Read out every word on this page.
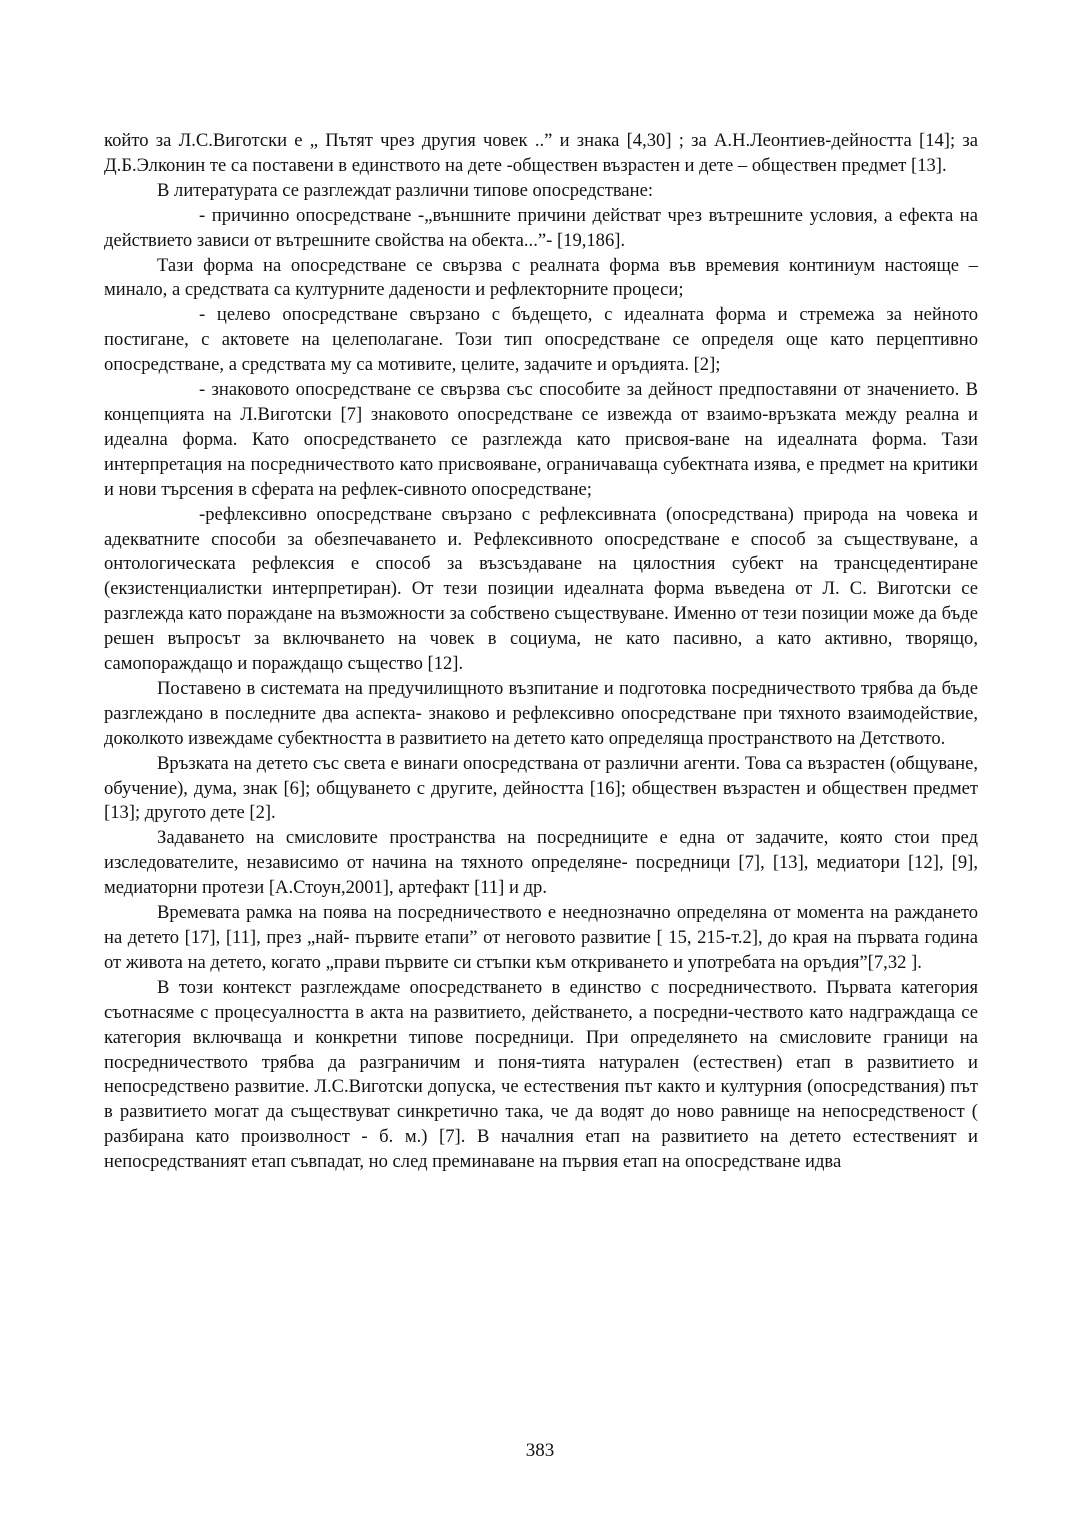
който за Л.С.Виготски е „ Пътят чрез другия човек ..” и знака [4,30] ; за А.Н.Леонтиев-дейността [14]; за Д.Б.Элконин те са поставени в единството на дете -обществен възрастен и дете – обществен предмет [13].

В литературата се разглеждат различни типове опосредстване:

- причинно опосредстване -„външните причини действат чрез вътрешните условия, а ефекта на действието зависи от вътрешните свойства на обекта...”- [19,186].

Тази форма на опосредстване се свързва с реалната форма във времевия континиум настояще – минало, а средствата са културните дадености и рефлекторните процеси;

- целево опосредстване свързано с бъдещето, с идеалната форма и стремежа за нейното постигане, с актовете на целеполагане. Този тип опосредстване се определя още като перцептивно опосредстване, а средствата му са мотивите, целите, задачите и оръдията. [2];

- знаковото опосредстване се свързва със способите за дейност предпоставяни от значението. В концепцията на Л.Виготски [7] знаковото опосредстване се извежда от взаимо-връзката между реална и идеална форма. Като опосредстването се разглежда като присвоя-ване на идеалната форма. Тази интерпретация на посредничеството като присвояване, ограничаваща субектната изява, е предмет на критики и нови търсения в сферата на рефлек-сивното опосредстване;

-рефлексивно опосредстване свързано с рефлексивната (опосредствана) природа на човека и адекватните способи за обезпечаването и. Рефлексивното опосредстване е способ за съществуване, а онтологическата рефлексия е способ за възсъздаване на цялостния субект на трансцедентиране (екзистенциалистки интерпретиран). От тези позиции идеалната форма въведена от Л. С. Виготски се разглежда като пораждане на възможности за собствено съществуване. Именно от тези позиции може да бъде решен въпросът за включването на човек в социума, не като пасивно, а като активно, творящо, самопораждащо и пораждащо същество [12].

Поставено в системата на предучилищното възпитание и подготовка посредничеството трябва да бъде разглеждано в последните два аспекта- знаково и рефлексивно опосредстване при тяхното взаимодействие, доколкото извеждаме субектността в развитието на детето като определяща пространството на Детството.

Връзката на детето със света е винаги опосредствана от различни агенти. Това са възрастен (общуване, обучение), дума, знак [6]; общуването с другите, дейността [16]; обществен възрастен и обществен предмет [13]; другото дете [2].

Задаването на смисловите пространства на посредниците е една от задачите, която стои пред изследователите, независимо от начина на тяхното определяне- посредници [7], [13], медиатори [12], [9], медиаторни протези [А.Стоун,2001], артефакт [11] и др.

Времевата рамка на поява на посредничеството е нееднозначно определяна от момента на раждането на детето [17], [11], през „най- първите етапи” от неговото развитие [ 15, 215-т.2], до края на първата година от живота на детето, когато „прави първите си стъпки към откриването и употребата на оръдия”[7,32 ].

В този контекст разглеждаме опосредстването в единство с посредничеството. Първата категория съотнасяме с процесуалността в акта на развитието, действането, а посредни-чеството като надграждаща се категория включваща и конкретни типове посредници. При определянето на смисловите граници на посредничеството трябва да разграничим и поня-тията натурален (естествен) етап в развитието и непосредствено развитие. Л.С.Виготски допуска, че естествения път както и културния (опосредствания) път в развитието могат да съществуват синкретично така, че да водят до ново равнище на непосредственост ( разбирана като произволност - б. м.) [7]. В началния етап на развитието на детето естественият и непосредстваният етап съвпадат, но след преминаване на първия етап на опосредстване идва

383
